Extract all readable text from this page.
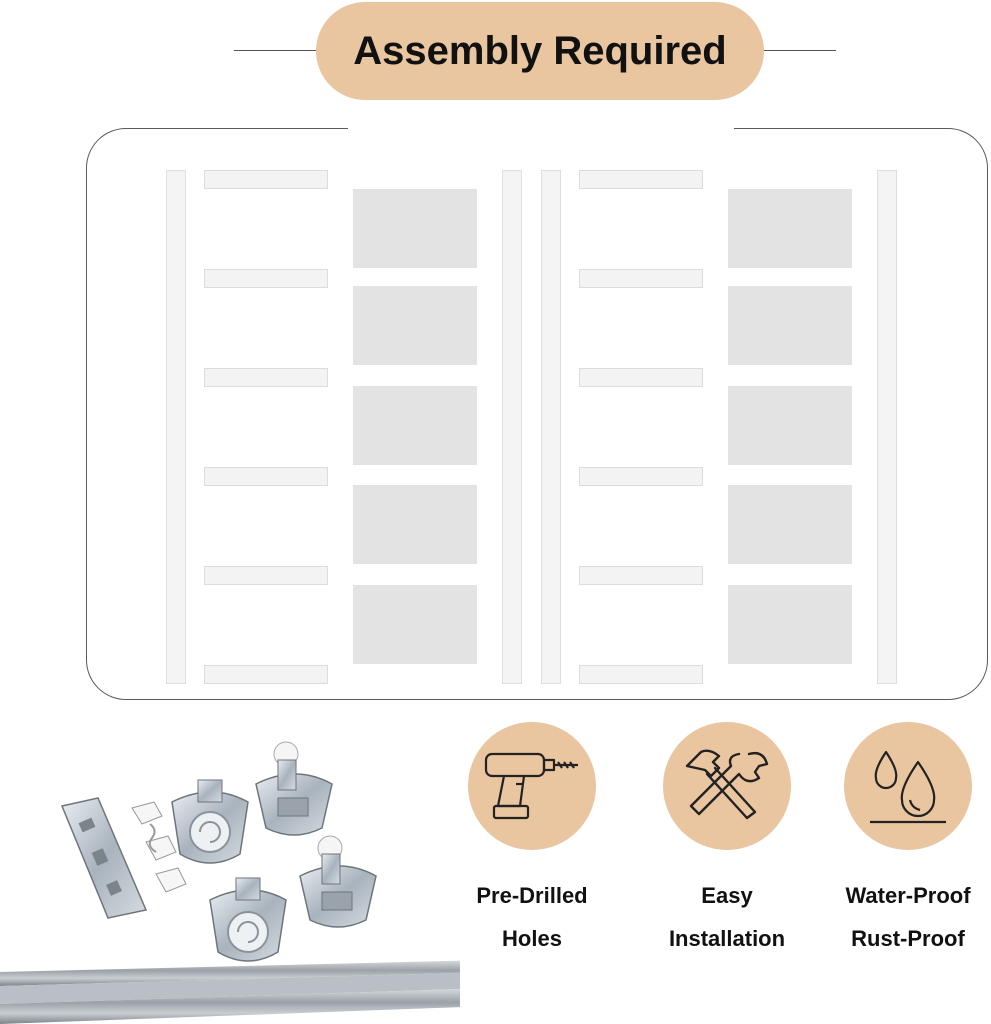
Assembly Required
Pre-Drilled
Holes
Easy
Installation
Water-Proof
Rust-Proof
